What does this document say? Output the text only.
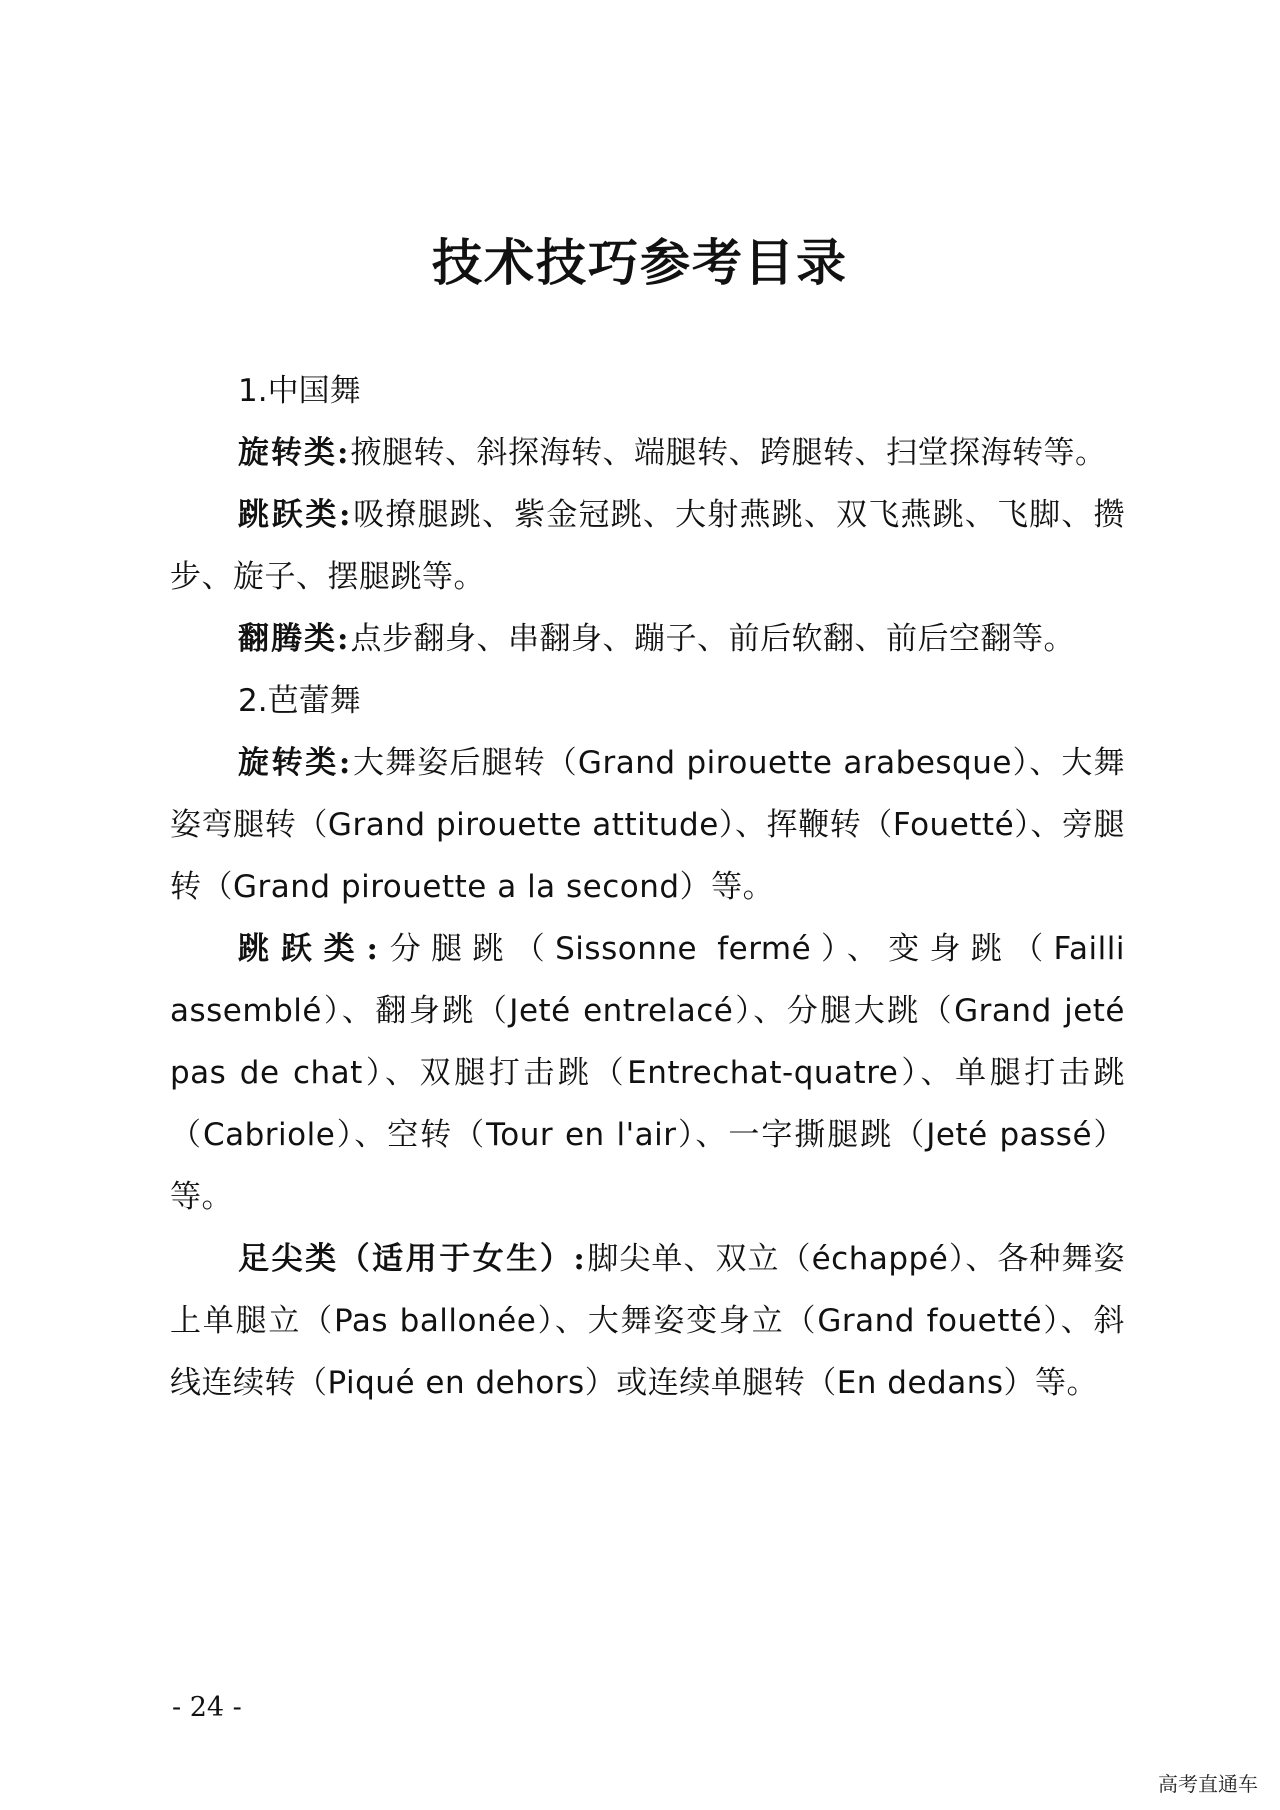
技术技巧参考目录

1.中国舞

旋转类:掖腿转、斜探海转、端腿转、跨腿转、扫堂探海转等。

跳跃类:吸撩腿跳、紫金冠跳、大射燕跳、双飞燕跳、飞脚、攒步、旋子、摆腿跳等。

翻腾类:点步翻身、串翻身、蹦子、前后软翻、前后空翻等。

2.芭蕾舞

旋转类:大舞姿后腿转（Grand pirouette arabesque）、大舞姿弯腿转（Grand pirouette attitude）、挥鞭转（Fouetté）、旁腿转（Grand pirouette a la second）等。

跳跃类:分腿跳（Sissonne fermé）、变身跳（Failli assemblé）、翻身跳（Jeté entrelacé）、分腿大跳（Grand jeté pas de chat）、双腿打击跳（Entrechat-quatre）、单腿打击跳（Cabriole）、空转（Tour en l'air）、一字撕腿跳（Jeté passé）等。

足尖类（适用于女生）:脚尖单、双立（échappé）、各种舞姿上单腿立（Pas ballonée）、大舞姿变身立（Grand fouetté）、斜线连续转（Piqué en dehors）或连续单腿转（En dedans）等。

- 24 -
高考直通车
